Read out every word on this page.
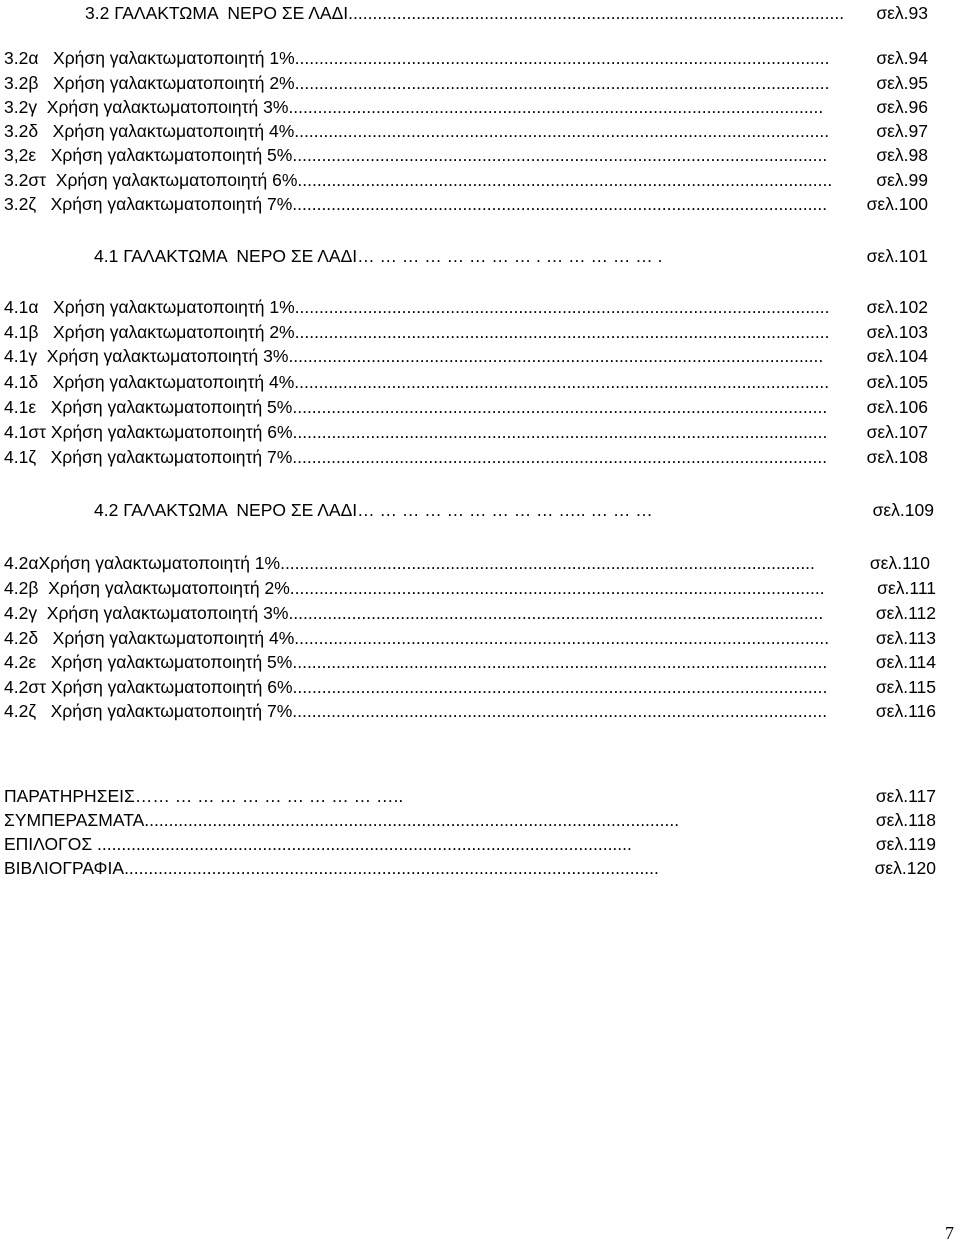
3.2 ΓΑΛΑΚΤΩΜΑ  ΝΕΡΟ ΣΕ ΛΑΔΙ ......................................................................................................	σελ.93
3.2α   Χρήση γαλακτωματοποιητή 1% ..............................................................................................................	σελ.94
3.2β   Χρήση γαλακτωματοποιητή 2% ..............................................................................................................	σελ.95
3.2γ  Χρήση γαλακτωματοποιητή 3% ..............................................................................................................	σελ.96
3.2δ   Χρήση γαλακτωματοποιητή 4% ..............................................................................................................	σελ.97
3,2ε   Χρήση γαλακτωματοποιητή 5% ..............................................................................................................	σελ.98
3.2στ  Χρήση γαλακτωματοποιητή 6% ..............................................................................................................	σελ.99
3.2ζ   Χρήση γαλακτωματοποιητή 7% ..............................................................................................................	σελ.100
4.1 ΓΑΛΑΚΤΩΜΑ  ΝΕΡΟ ΣΕ ΛΑΔΙ … … … … … … … … . … … … … … .	σελ.101
4.1α   Χρήση γαλακτωματοποιητή 1% ..............................................................................................................	σελ.102
4.1β   Χρήση γαλακτωματοποιητή 2% ..............................................................................................................	σελ.103
4.1γ  Χρήση γαλακτωματοποιητή 3% ..............................................................................................................	σελ.104
4.1δ   Χρήση γαλακτωματοποιητή 4% ..............................................................................................................	σελ.105
4.1ε   Χρήση γαλακτωματοποιητή 5% ..............................................................................................................	σελ.106
4.1στ Χρήση γαλακτωματοποιητή 6% ..............................................................................................................	σελ.107
4.1ζ   Χρήση γαλακτωματοποιητή 7% ..............................................................................................................	σελ.108
4.2 ΓΑΛΑΚΤΩΜΑ  ΝΕΡΟ ΣΕ ΛΑΔΙ … … … … … … … … … ….. … … …	σελ.109
4.2αΧρήση γαλακτωματοποιητή 1% ..............................................................................................................	σελ.110
4.2β  Χρήση γαλακτωματοποιητή 2% ..............................................................................................................	σελ.111
4.2γ  Χρήση γαλακτωματοποιητή 3% ..............................................................................................................	σελ.112
4.2δ   Χρήση γαλακτωματοποιητή 4% ..............................................................................................................	σελ.113
4.2ε   Χρήση γαλακτωματοποιητή 5% ..............................................................................................................	σελ.114
4.2στ Χρήση γαλακτωματοποιητή 6% ..............................................................................................................	σελ.115
4.2ζ   Χρήση γαλακτωματοποιητή 7% ..............................................................................................................	σελ.116
ΠΑΡΑΤΗΡΗΣΕΙΣ …… … … … … … … … … … …..	σελ.117
ΣΥΜΠΕΡΑΣΜΑΤΑ ..............................................................................................................	σελ.118
ΕΠΙΛΟΓΟΣ ..............................................................................................................	σελ.119
ΒΙΒΛΙΟΓΡΑΦΙΑ ..............................................................................................................	σελ.120
7
